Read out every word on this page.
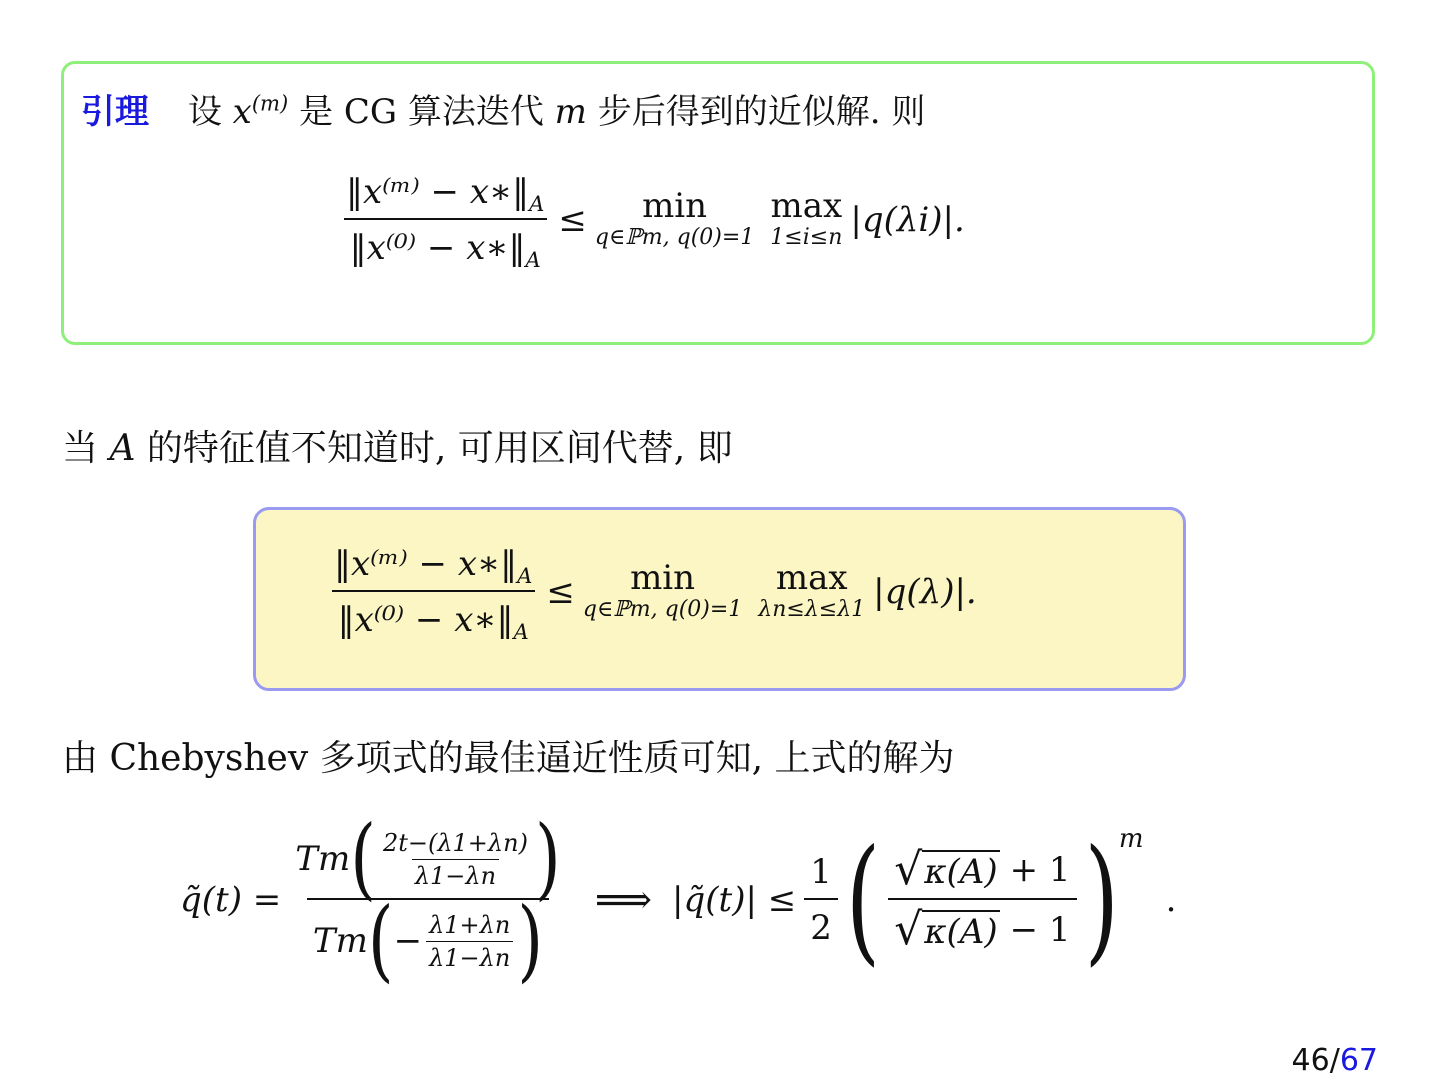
引理 设 $x^{(m)}$ 是 CG 算法迭代 m 步后得到的近似解. 则
$\frac{‖x^(ᵐ^) - x∗‖_A}{‖x^{(0)} - x∗‖_A} \le \min$
q∈ℙm, q(0)=1
max
1≤i≤n |q(λi)|.
当 A 的特征值不知道时, 可用区间代替, 即
$\frac{‖x^(ᵐ^) - x∗‖_A}{‖x^{(0)} - x∗‖_A} \le \min$
q∈ℙm, q(0)=1
max
λn≤λ≤λ1 |q(λ)|.
由 Chebyshev 多项式的最佳逼近性质可知, 上式的解为
q̃(t) =
Tm ( $\frac{2t-(\lambda 1+\lambda n)}{\lambda 1-\lambda n}$ )
Tm ( − $\frac{\lambda 1+\lambda n}{\lambda 1-\lambda n}$ ) ⟹ |q̃(t)| ≤ $\frac{1}{2}$ ( $\frac{√ \kappa(A) + 1}{√ \kappa(A) - 1}$ ) m
.
46/67
